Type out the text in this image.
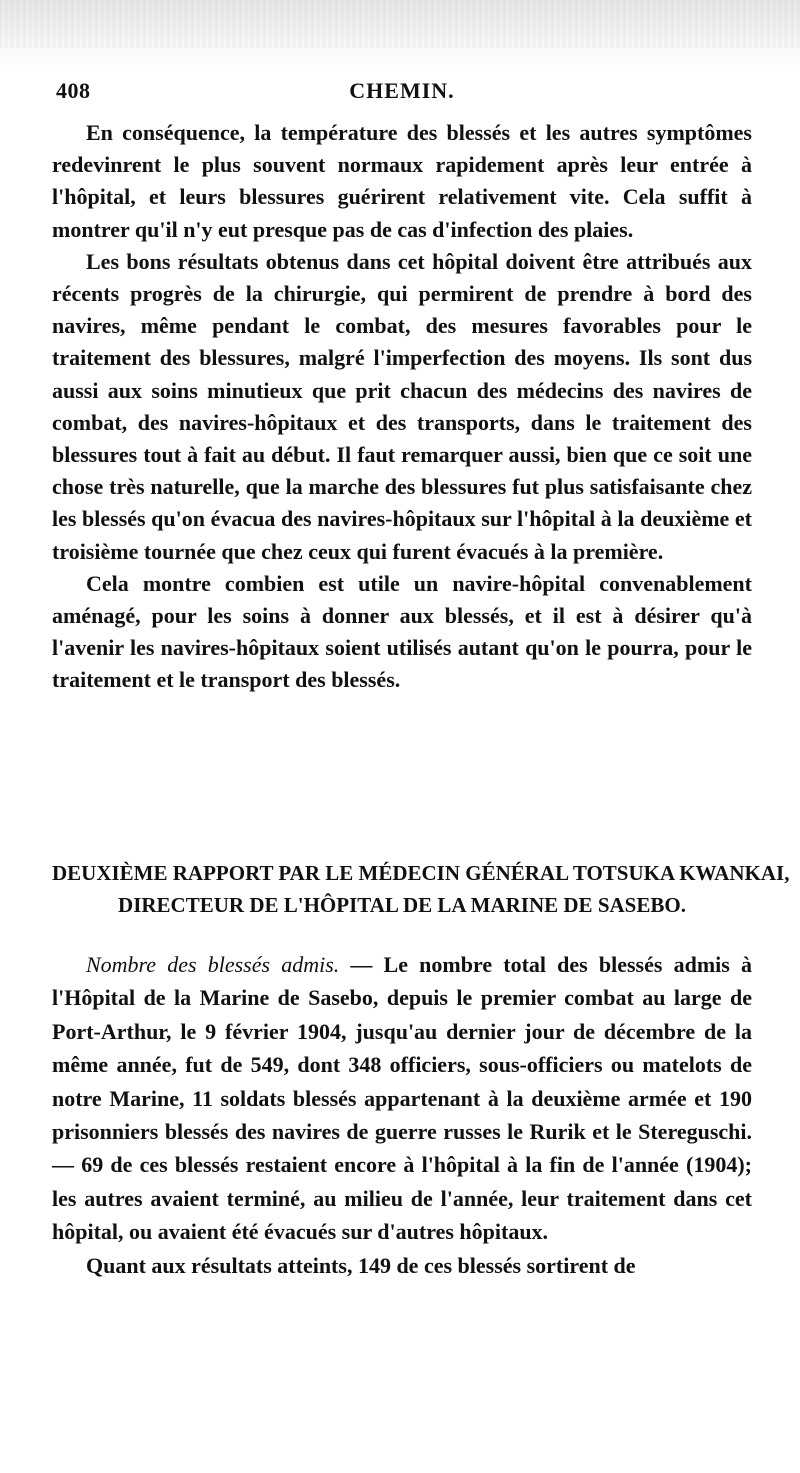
408	CHEMIN.

En conséquence, la température des blessés et les autres symptômes redevinrent le plus souvent normaux rapidement après leur entrée à l'hôpital, et leurs blessures guérirent relativement vite. Cela suffit à montrer qu'il n'y eut presque pas de cas d'infection des plaies.

Les bons résultats obtenus dans cet hôpital doivent être attribués aux récents progrès de la chirurgie, qui permirent de prendre à bord des navires, même pendant le combat, des mesures favorables pour le traitement des blessures, malgré l'imperfection des moyens. Ils sont dus aussi aux soins minutieux que prit chacun des médecins des navires de combat, des navires-hôpitaux et des transports, dans le traitement des blessures tout à fait au début. Il faut remarquer aussi, bien que ce soit une chose très naturelle, que la marche des blessures fut plus satisfaisante chez les blessés qu'on évacua des navires-hôpitaux sur l'hôpital à la deuxième et troisième tournée que chez ceux qui furent évacués à la première.

Cela montre combien est utile un navire-hôpital convenablement aménagé, pour les soins à donner aux blessés, et il est à désirer qu'à l'avenir les navires-hôpitaux soient utilisés autant qu'on le pourra, pour le traitement et le transport des blessés.

DEUXIÈME RAPPORT PAR LE MÉDECIN GÉNÉRAL TOTSUKA KWANKAI,
DIRECTEUR DE L'HÔPITAL DE LA MARINE DE SASEBO.

Nombre des blessés admis. — Le nombre total des blessés admis à l'Hôpital de la Marine de Sasebo, depuis le premier combat au large de Port-Arthur, le 9 février 1904, jusqu'au dernier jour de décembre de la même année, fut de 549, dont 348 officiers, sous-officiers ou matelots de notre Marine, 11 soldats blessés appartenant à la deuxième armée et 190 prisonniers blessés des navires de guerre russes le Rurik et le Stereguschi. — 69 de ces blessés restaient encore à l'hôpital à la fin de l'année (1904); les autres avaient terminé, au milieu de l'année, leur traitement dans cet hôpital, ou avaient été évacués sur d'autres hôpitaux.

Quant aux résultats atteints, 149 de ces blessés sortirent de
